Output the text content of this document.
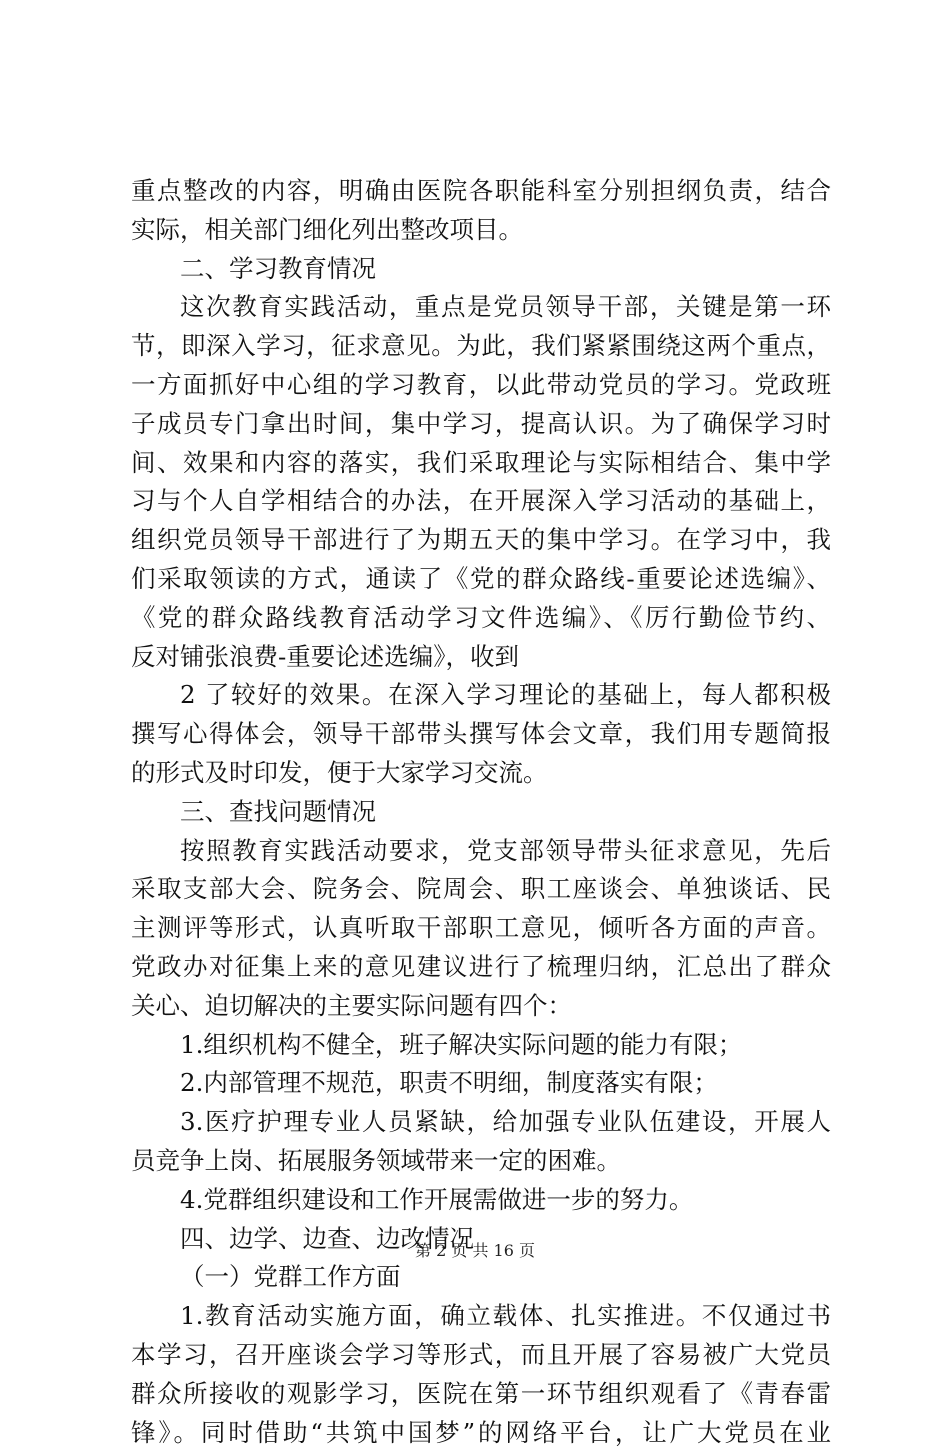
重点整改的内容，明确由医院各职能科室分别担纲负责，结合
实际，相关部门细化列出整改项目。
二、学习教育情况
这次教育实践活动，重点是党员领导干部，关键是第一环
节，即深入学习，征求意见。为此，我们紧紧围绕这两个重点，
一方面抓好中心组的学习教育，以此带动党员的学习。党政班
子成员专门拿出时间，集中学习，提高认识。为了确保学习时
间、效果和内容的落实，我们采取理论与实际相结合、集中学
习与个人自学相结合的办法，在开展深入学习活动的基础上，
组织党员领导干部进行了为期五天的集中学习。在学习中，我
们采取领读的方式，通读了《党的群众路线-重要论述选编》、
《党的群众路线教育活动学习文件选编》、《厉行勤俭节约、
反对铺张浪费-重要论述选编》，收到
2 了较好的效果。在深入学习理论的基础上，每人都积极
撰写心得体会，领导干部带头撰写体会文章，我们用专题简报
的形式及时印发，便于大家学习交流。
三、查找问题情况
按照教育实践活动要求，党支部领导带头征求意见，先后
采取支部大会、院务会、院周会、职工座谈会、单独谈话、民
主测评等形式，认真听取干部职工意见，倾听各方面的声音。
党政办对征集上来的意见建议进行了梳理归纳，汇总出了群众
关心、迫切解决的主要实际问题有四个：
1.组织机构不健全，班子解决实际问题的能力有限；
2.内部管理不规范，职责不明细，制度落实有限；
3.医疗护理专业人员紧缺，给加强专业队伍建设，开展人
员竞争上岗、拓展服务领域带来一定的困难。
4.党群组织建设和工作开展需做进一步的努力。
四、边学、边查、边改情况
（一）党群工作方面
1.教育活动实施方面，确立载体、扎实推进。不仅通过书
本学习，召开座谈会学习等形式，而且开展了容易被广大党员
群众所接收的观影学习，医院在第一环节组织观看了《青春雷
锋》。同时借助“共筑中国梦”的网络平台，让广大党员在业
第 2 页 共 16 页
